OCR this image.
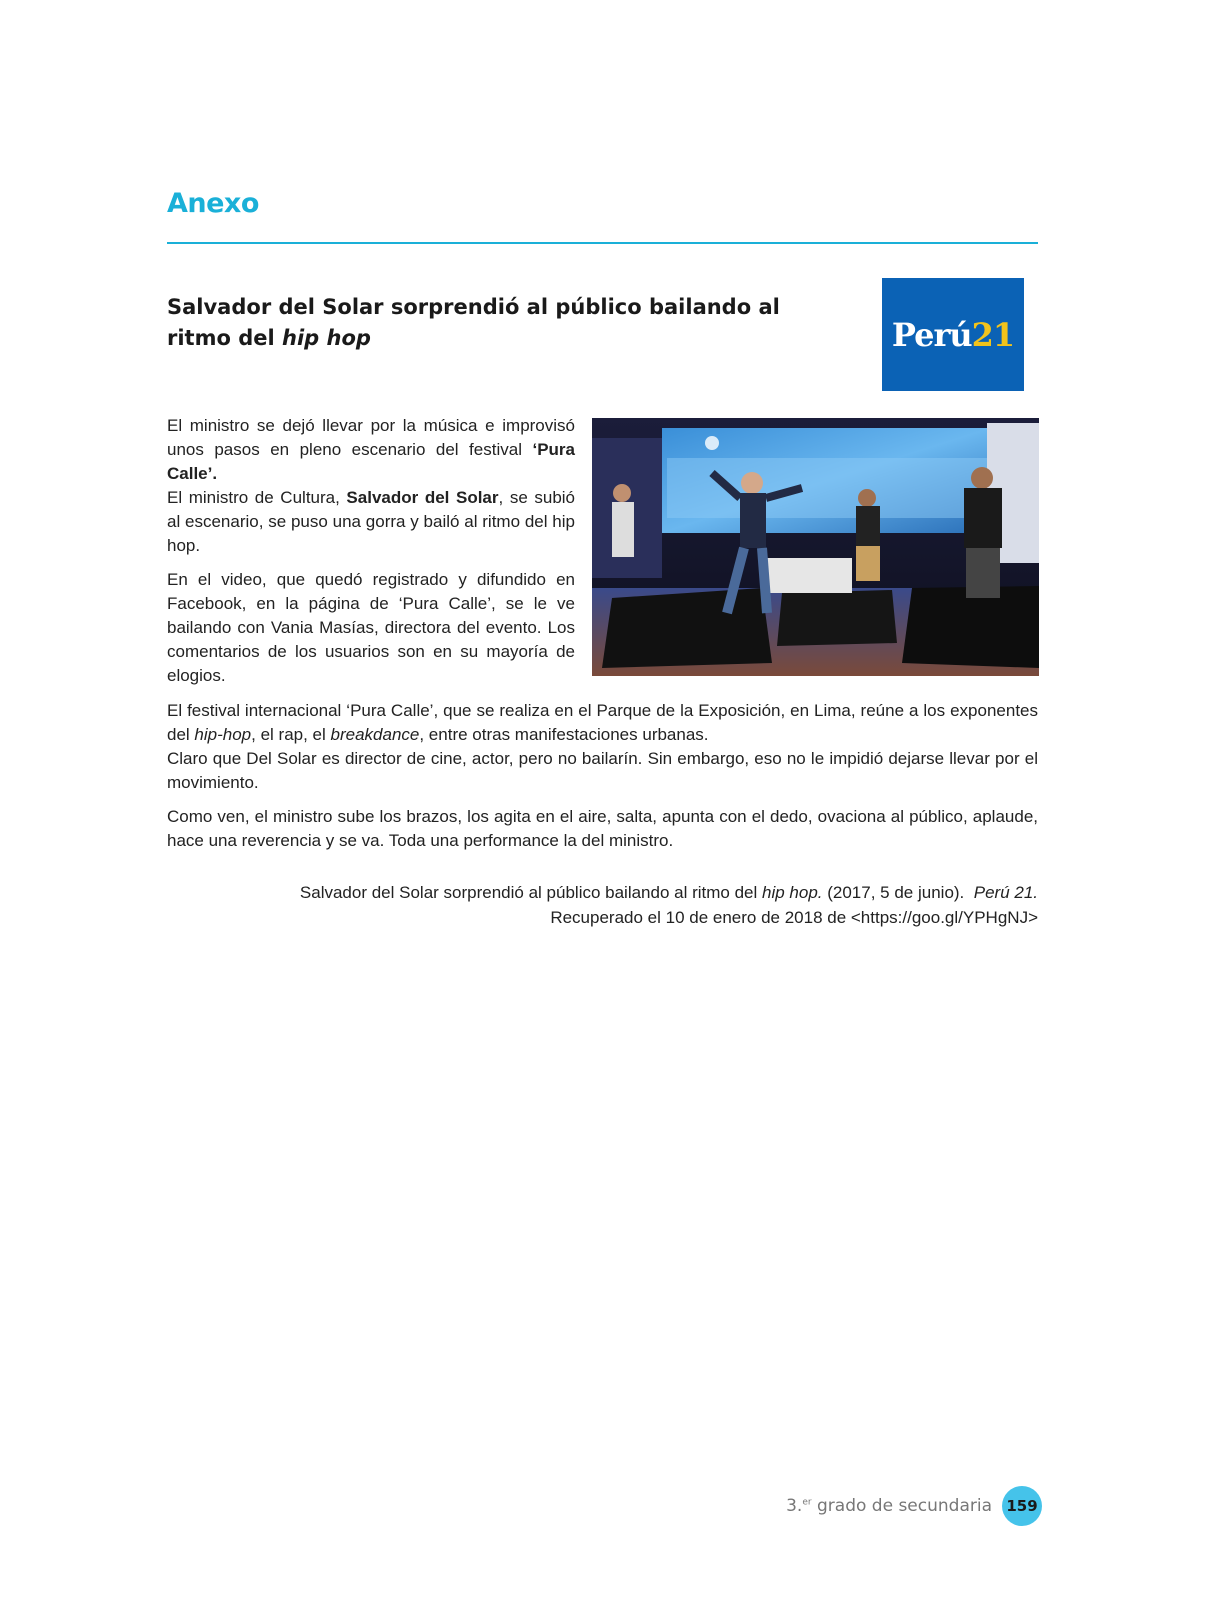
Anexo
Salvador del Solar sorprendió al público bailando al ritmo del hip hop	Perú21

El ministro se dejó llevar por la música e improvisó unos pasos en pleno escenario del festival ‘Pura Calle’.

El ministro de Cultura, Salvador del Solar, se subió al escenario, se puso una gorra y bailó al ritmo del hip hop.

En el video, que quedó registrado y difundido en Facebook, en la página de ‘Pura Calle’, se le ve bailando con Vania Masías, directora del evento. Los comentarios de los usuarios son en su mayoría de elogios.

El festival internacional ‘Pura Calle’, que se realiza en el Parque de la Exposición, en Lima, reúne a los exponentes del hip-hop, el rap, el breakdance, entre otras manifestaciones urbanas.

Claro que Del Solar es director de cine, actor, pero no bailarín. Sin embargo, eso no le impidió dejarse llevar por el movimiento.

Como ven, el ministro sube los brazos, los agita en el aire, salta, apunta con el dedo, ovaciona al público, aplaude, hace una reverencia y se va. Toda una performance la del ministro.

Salvador del Solar sorprendió al público bailando al ritmo del hip hop. (2017, 5 de junio).  Perú 21.
Recuperado el 10 de enero de 2018 de <https://goo.gl/YPHgNJ>
3.$^{er}$ grado de secundaria 159
